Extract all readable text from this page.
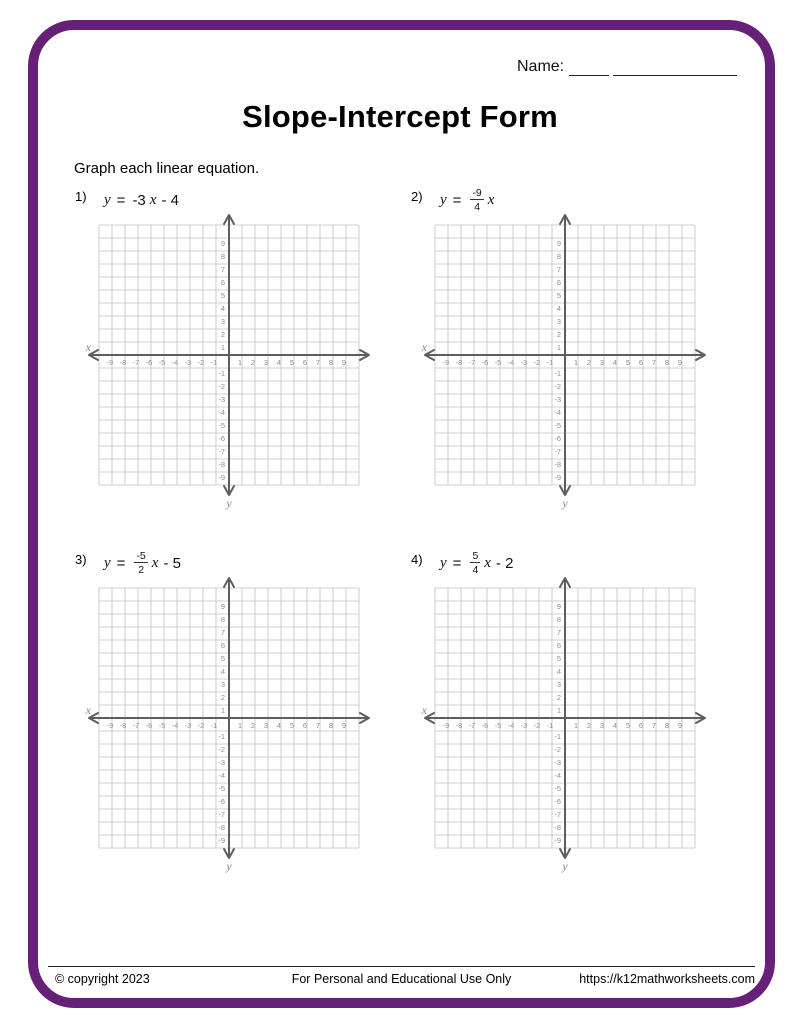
Name:
Slope-Intercept Form
Graph each linear equation.
1) y = -3 x - 4
-9 -8 -7 -6 -5 -4 -3 -2 -1	1 2 3 4 5 6 7 8 9
-9
-8
-7
-6
-5
-4
-3
-2
-1
1
2
3
4
5
6
7
8
9
x
y
2) $y = \frac{-9}{4}$ x
-9 -8 -7 -6 -5 -4 -3 -2 -1	1 2 3 4 5 6 7 8 9
-9
-8
-7
-6
-5
-4
-3
-2
-1
1
2
3
4
5
6
7
8
9
x
y
3) $y = \frac{-5}{2}$ x - 5
-9 -8 -7 -6 -5 -4 -3 -2 -1	1 2 3 4 5 6 7 8 9
-9
-8
-7
-6
-5
-4
-3
-2
-1
1
2
3
4
5
6
7
8
9
x
y
4) $y = \frac{5}{4}$ x - 2
-9 -8 -7 -6 -5 -4 -3 -2 -1	1 2 3 4 5 6 7 8 9
-9
-8
-7
-6
-5
-4
-3
-2
-1
1
2
3
4
5
6
7
8
9
x
y
© copyright 2023	For Personal and Educational Use Only	https://k12mathworksheets.com
